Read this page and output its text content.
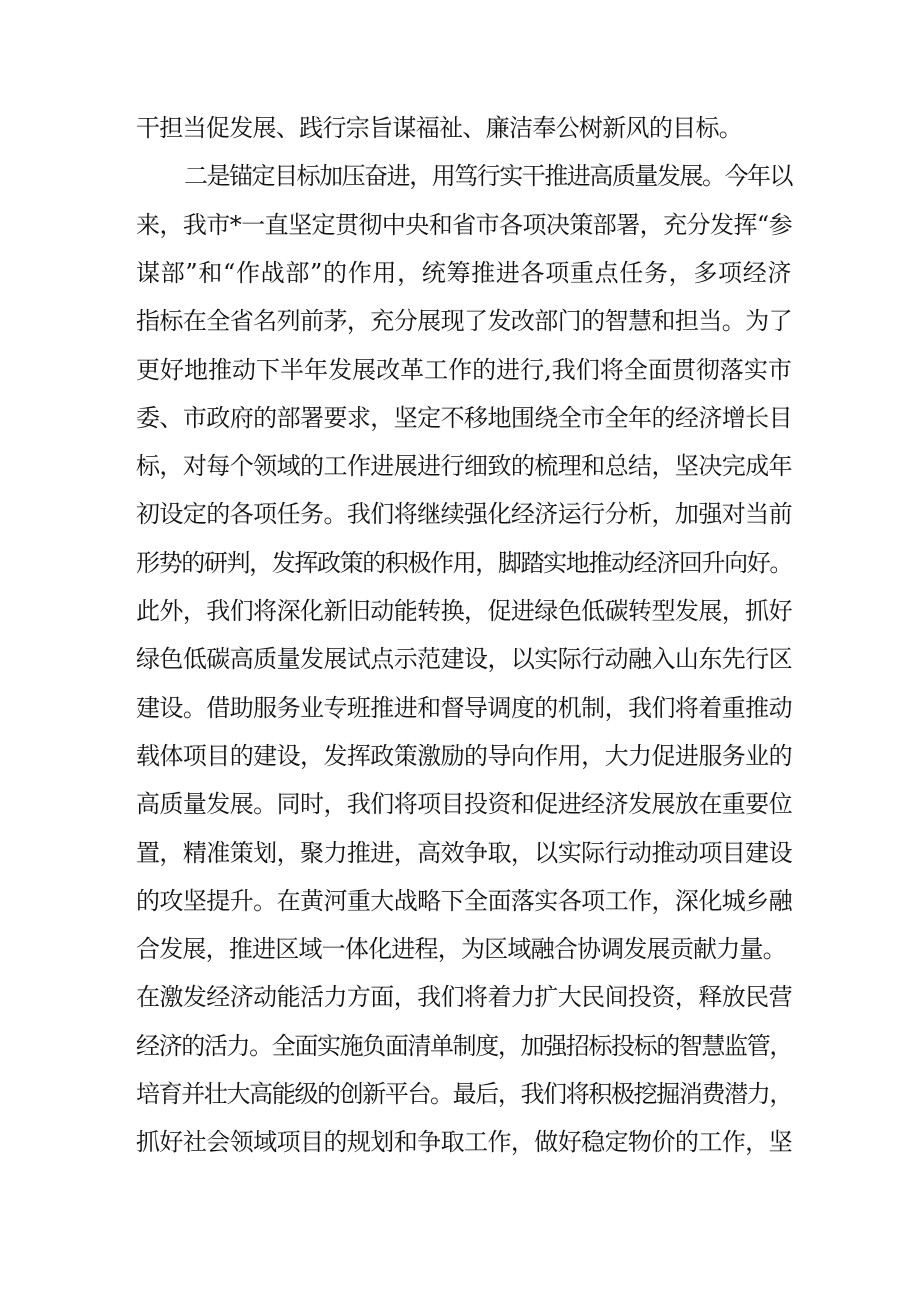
干担当促发展、践行宗旨谋福祉、廉洁奉公树新风的目标。
二是锚定目标加压奋进，用笃行实干推进高质量发展。今年以
来，我市*一直坚定贯彻中央和省市各项决策部署，充分发挥“参
谋部”和“作战部”的作用，统筹推进各项重点任务，多项经济
指标在全省名列前茅，充分展现了发改部门的智慧和担当。为了
更好地推动下半年发展改革工作的进行,我们将全面贯彻落实市
委、市政府的部署要求，坚定不移地围绕全市全年的经济增长目
标，对每个领域的工作进展进行细致的梳理和总结，坚决完成年
初设定的各项任务。我们将继续强化经济运行分析，加强对当前
形势的研判，发挥政策的积极作用，脚踏实地推动经济回升向好。
此外，我们将深化新旧动能转换，促进绿色低碳转型发展，抓好
绿色低碳高质量发展试点示范建设，以实际行动融入山东先行区
建设。借助服务业专班推进和督导调度的机制，我们将着重推动
载体项目的建设，发挥政策激励的导向作用，大力促进服务业的
高质量发展。同时，我们将项目投资和促进经济发展放在重要位
置，精准策划，聚力推进，高效争取，以实际行动推动项目建设
的攻坚提升。在黄河重大战略下全面落实各项工作，深化城乡融
合发展，推进区域一体化进程，为区域融合协调发展贡献力量。
在激发经济动能活力方面，我们将着力扩大民间投资，释放民营
经济的活力。全面实施负面清单制度，加强招标投标的智慧监管，
培育并壮大高能级的创新平台。最后，我们将积极挖掘消费潜力，
抓好社会领域项目的规划和争取工作，做好稳定物价的工作，坚
